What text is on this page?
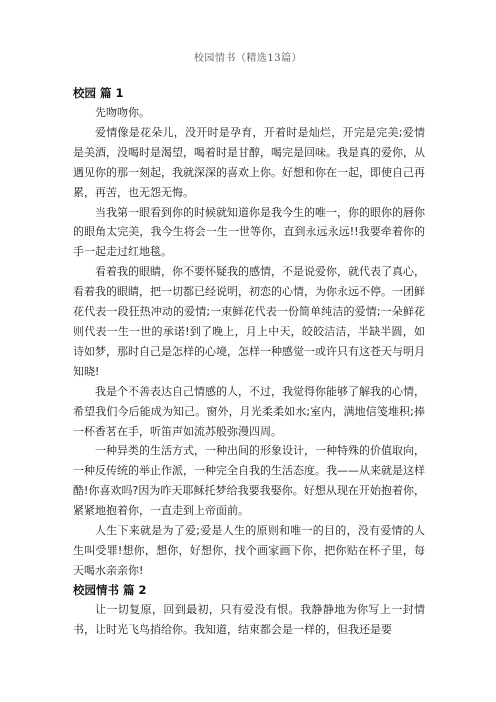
校园情书（精选13篇）
校园 篇 1

先吻吻你。

爱情像是花朵儿，没开时是孕育，开着时是灿烂，开完是完美;爱情是美酒，没喝时是渴望，喝着时是甘醇，喝完是回味。我是真的爱你，从遇见你的那一刻起，我就深深的喜欢上你。好想和你在一起，即使自己再累，再苦，也无怨无悔。

当我第一眼看到你的时候就知道你是我今生的唯一，你的眼你的唇你的眼角太完美，我今生将会一生一世等你，直到永远永远!!我要牵着你的手一起走过红地毯。

看着我的眼睛，你不要怀疑我的感情，不是说爱你，就代表了真心，看着我的眼睛，把一切都已经说明，初恋的心情，为你永远不停。一团鲜花代表一段狂热冲动的爱情;一束鲜花代表一份简单纯洁的爱情;一朵鲜花则代表一生一世的承诺!到了晚上，月上中天，皎皎洁洁，半缺半圆，如诗如梦，那时自己是怎样的心境，怎样一种感觉一或许只有这苍天与明月知晓!

我是个不善表达自己情感的人，不过，我觉得你能够了解我的心情，希望我们今后能成为知己。窗外，月光柔柔如水;室内，满地信笺堆积;捧一杯香茗在手，听笛声如流苏般弥漫四周。

一种异类的生活方式，一种出间的形象设计，一种特殊的价值取向，一种反传统的举止作派，一种完全自我的生活态度。我——从来就是这样酷!你喜欢吗?因为昨天耶稣托梦给我要我娶你。好想从现在开始抱着你，紧紧地抱着你，一直走到上帝面前。

人生下来就是为了爱;爱是人生的原则和唯一的目的，没有爱情的人生叫受罪!想你，想你，好想你，找个画家画下你，把你贴在杯子里，每天喝水亲亲你!

校园情书 篇 2

让一切复原，回到最初，只有爱没有恨。我静静地为你写上一封情书，让时光飞鸟捎给你。我知道，结束都会是一样的，但我还是要
